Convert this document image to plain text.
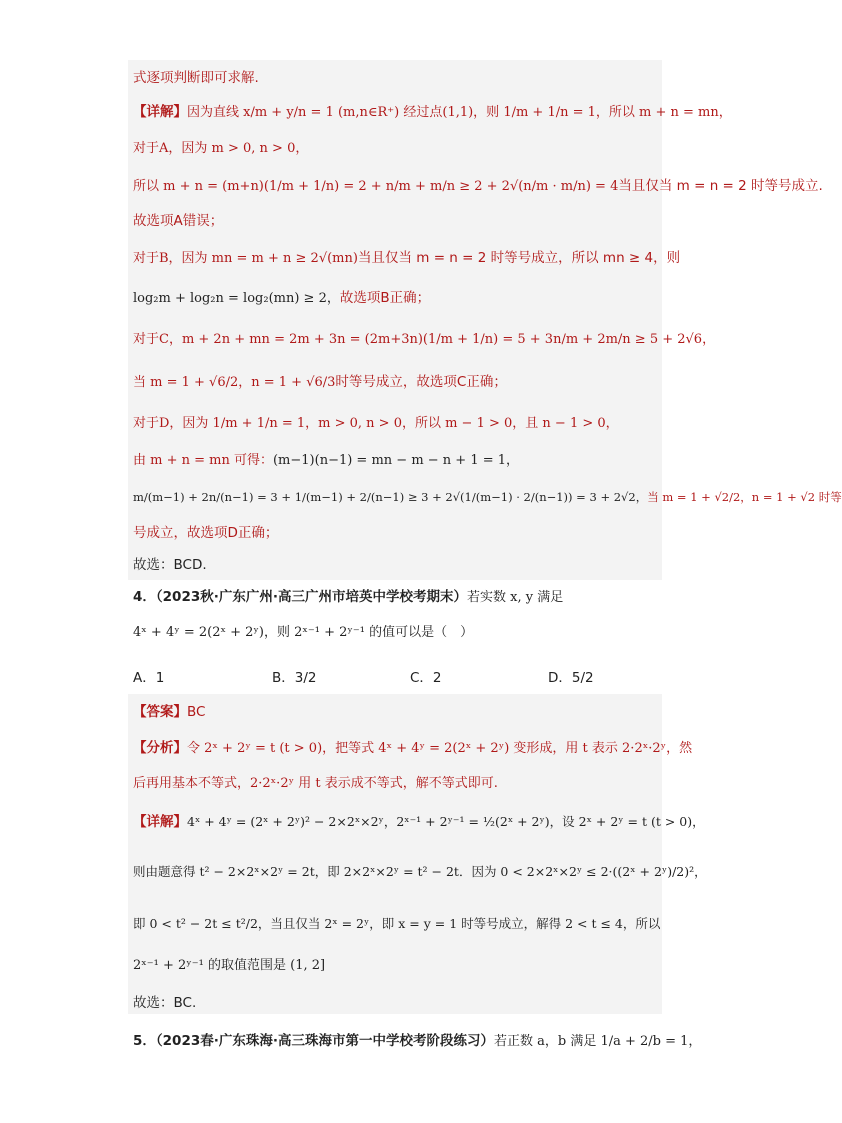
式逐项判断即可求解.
【详解】因为直线 x/m + y/n = 1 (m,n∈R⁺) 经过点(1,1)，则 1/m + 1/n = 1，所以 m + n = mn，
对于A，因为 m > 0, n > 0，
所以 m + n = (m+n)(1/m + 1/n) = 2 + n/m + m/n ≥ 2 + 2√(n/m · m/n) = 4当且仅当 m = n = 2 时等号成立.
故选项A错误；
对于B，因为 mn = m + n ≥ 2√(mn)当且仅当 m = n = 2 时等号成立，所以 mn ≥ 4，则
log₂m + log₂n = log₂(mn) ≥ 2，故选项B正确；
对于C，m + 2n + mn = 2m + 3n = (2m+3n)(1/m + 1/n) = 5 + 3n/m + 2m/n ≥ 5 + 2√6，
当 m = 1 + √6/2，n = 1 + √6/3时等号成立，故选项C正确；
对于D，因为 1/m + 1/n = 1，m > 0, n > 0，所以 m − 1 > 0，且 n − 1 > 0，
由 m + n = mn 可得：(m−1)(n−1) = mn − m − n + 1 = 1，
m/(m−1) + 2n/(n−1) = 3 + 1/(m−1) + 2/(n−1) ≥ 3 + 2√(1/(m−1) · 2/(n−1)) = 3 + 2√2，当 m = 1 + √2/2，n = 1 + √2 时等
号成立，故选项D正确；
故选：BCD.
4．（2023秋·广东广州·高三广州市培英中学校考期末）若实数 x, y 满足
4ˣ + 4ʸ = 2(2ˣ + 2ʸ)，则 2ˣ⁻¹ + 2ʸ⁻¹ 的值可以是（　）
A．1	B．3/2	C．2	D．5/2
【答案】BC
【分析】令 2ˣ + 2ʸ = t (t > 0)，把等式 4ˣ + 4ʸ = 2(2ˣ + 2ʸ) 变形成，用 t 表示 2·2ˣ·2ʸ，然
后再用基本不等式，2·2ˣ·2ʸ 用 t 表示成不等式，解不等式即可.
【详解】4ˣ + 4ʸ = (2ˣ + 2ʸ)² − 2×2ˣ×2ʸ，2ˣ⁻¹ + 2ʸ⁻¹ = ½(2ˣ + 2ʸ)，设 2ˣ + 2ʸ = t (t > 0)，
则由题意得 t² − 2×2ˣ×2ʸ = 2t，即 2×2ˣ×2ʸ = t² − 2t．因为 0 < 2×2ˣ×2ʸ ≤ 2·((2ˣ + 2ʸ)/2)²，
即 0 < t² − 2t ≤ t²/2，当且仅当 2ˣ = 2ʸ，即 x = y = 1 时等号成立，解得 2 < t ≤ 4，所以
2ˣ⁻¹ + 2ʸ⁻¹ 的取值范围是 (1, 2]
故选：BC.
5．（2023春·广东珠海·高三珠海市第一中学校考阶段练习）若正数 a，b 满足 1/a + 2/b = 1，
